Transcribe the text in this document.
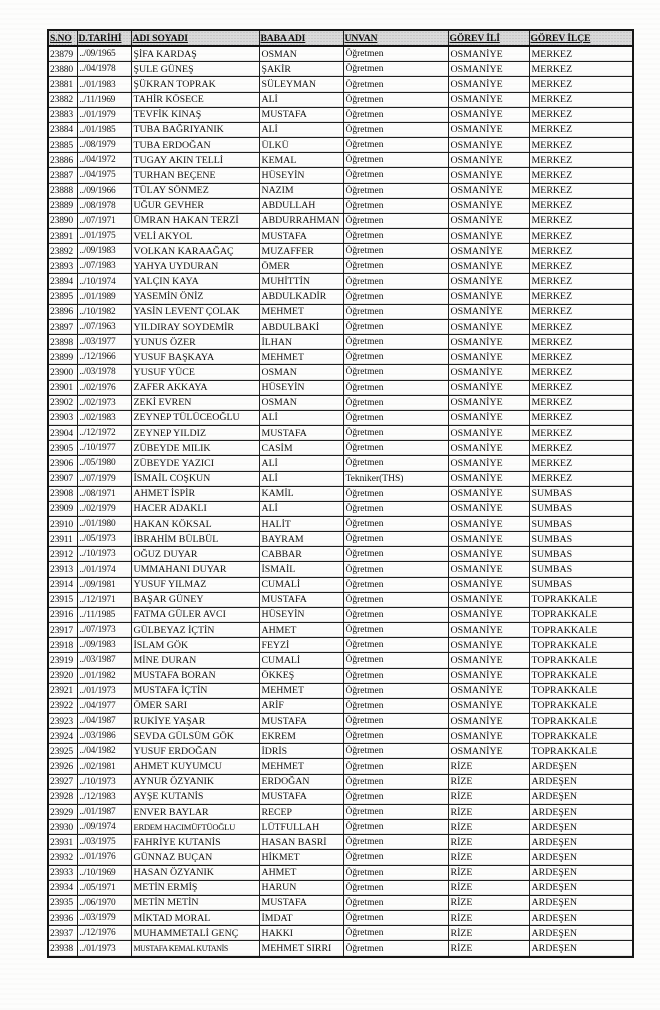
S.NO	D.TARİHİ	ADI SOYADI	BABA ADI	UNVAN	GÖREV İLİ	GÖREV İLÇE
23879	../09/1965	ŞİFA KARDAŞ	OSMAN	Öğretmen	OSMANİYE	MERKEZ
23880	../04/1978	ŞULE GÜNEŞ	ŞAKİR	Öğretmen	OSMANİYE	MERKEZ
23881	../01/1983	ŞÜKRAN TOPRAK	SÜLEYMAN	Öğretmen	OSMANİYE	MERKEZ
23882	../11/1969	TAHİR KÖSECE	ALİ	Öğretmen	OSMANİYE	MERKEZ
23883	../01/1979	TEVFİK KINAŞ	MUSTAFA	Öğretmen	OSMANİYE	MERKEZ
23884	../01/1985	TUBA BAĞRIYANIK	ALİ	Öğretmen	OSMANİYE	MERKEZ
23885	../08/1979	TUBA ERDOĞAN	ÜLKÜ	Öğretmen	OSMANİYE	MERKEZ
23886	../04/1972	TUGAY AKIN TELLİ	KEMAL	Öğretmen	OSMANİYE	MERKEZ
23887	../04/1975	TURHAN BEÇENE	HÜSEYİN	Öğretmen	OSMANİYE	MERKEZ
23888	../09/1966	TÜLAY SÖNMEZ	NAZIM	Öğretmen	OSMANİYE	MERKEZ
23889	../08/1978	UĞUR GEVHER	ABDULLAH	Öğretmen	OSMANİYE	MERKEZ
23890	../07/1971	ÜMRAN HAKAN TERZİ	ABDURRAHMAN	Öğretmen	OSMANİYE	MERKEZ
23891	../01/1975	VELİ AKYOL	MUSTAFA	Öğretmen	OSMANİYE	MERKEZ
23892	../09/1983	VOLKAN KARAAĞAÇ	MUZAFFER	Öğretmen	OSMANİYE	MERKEZ
23893	../07/1983	YAHYA UYDURAN	ÖMER	Öğretmen	OSMANİYE	MERKEZ
23894	../10/1974	YALÇIN KAYA	MUHİTTİN	Öğretmen	OSMANİYE	MERKEZ
23895	../01/1989	YASEMİN ÖNİZ	ABDULKADİR	Öğretmen	OSMANİYE	MERKEZ
23896	../10/1982	YASİN LEVENT ÇOLAK	MEHMET	Öğretmen	OSMANİYE	MERKEZ
23897	../07/1963	YILDIRAY SOYDEMİR	ABDULBAKİ	Öğretmen	OSMANİYE	MERKEZ
23898	../03/1977	YUNUS ÖZER	İLHAN	Öğretmen	OSMANİYE	MERKEZ
23899	../12/1966	YUSUF BAŞKAYA	MEHMET	Öğretmen	OSMANİYE	MERKEZ
23900	../03/1978	YUSUF YÜCE	OSMAN	Öğretmen	OSMANİYE	MERKEZ
23901	../02/1976	ZAFER AKKAYA	HÜSEYİN	Öğretmen	OSMANİYE	MERKEZ
23902	../02/1973	ZEKİ EVREN	OSMAN	Öğretmen	OSMANİYE	MERKEZ
23903	../02/1983	ZEYNEP TÜLÜCEOĞLU	ALİ	Öğretmen	OSMANİYE	MERKEZ
23904	../12/1972	ZEYNEP YILDIZ	MUSTAFA	Öğretmen	OSMANİYE	MERKEZ
23905	../10/1977	ZÜBEYDE MILIK	CASİM	Öğretmen	OSMANİYE	MERKEZ
23906	../05/1980	ZÜBEYDE YAZICI	ALİ	Öğretmen	OSMANİYE	MERKEZ
23907	../07/1979	İSMAİL COŞKUN	ALİ	Tekniker(THS)	OSMANİYE	MERKEZ
23908	../08/1971	AHMET İSPİR	KAMİL	Öğretmen	OSMANİYE	SUMBAS
23909	../02/1979	HACER ADAKLI	ALİ	Öğretmen	OSMANİYE	SUMBAS
23910	../01/1980	HAKAN KÖKSAL	HALİT	Öğretmen	OSMANİYE	SUMBAS
23911	../05/1973	İBRAHİM BÜLBÜL	BAYRAM	Öğretmen	OSMANİYE	SUMBAS
23912	../10/1973	OĞUZ DUYAR	CABBAR	Öğretmen	OSMANİYE	SUMBAS
23913	../01/1974	UMMAHANI DUYAR	İSMAİL	Öğretmen	OSMANİYE	SUMBAS
23914	../09/1981	YUSUF YILMAZ	CUMALİ	Öğretmen	OSMANİYE	SUMBAS
23915	../12/1971	BAŞAR GÜNEY	MUSTAFA	Öğretmen	OSMANİYE	TOPRAKKALE
23916	../11/1985	FATMA GÜLER AVCI	HÜSEYİN	Öğretmen	OSMANİYE	TOPRAKKALE
23917	../07/1973	GÜLBEYAZ İÇTİN	AHMET	Öğretmen	OSMANİYE	TOPRAKKALE
23918	../09/1983	İSLAM GÖK	FEYZİ	Öğretmen	OSMANİYE	TOPRAKKALE
23919	../03/1987	MİNE DURAN	CUMALİ	Öğretmen	OSMANİYE	TOPRAKKALE
23920	../01/1982	MUSTAFA BORAN	ÖKKEŞ	Öğretmen	OSMANİYE	TOPRAKKALE
23921	../01/1973	MUSTAFA İÇTİN	MEHMET	Öğretmen	OSMANİYE	TOPRAKKALE
23922	../04/1977	ÖMER SARI	ARİF	Öğretmen	OSMANİYE	TOPRAKKALE
23923	../04/1987	RUKİYE YAŞAR	MUSTAFA	Öğretmen	OSMANİYE	TOPRAKKALE
23924	../03/1986	SEVDA GÜLSÜM GÖK	EKREM	Öğretmen	OSMANİYE	TOPRAKKALE
23925	../04/1982	YUSUF ERDOĞAN	İDRİS	Öğretmen	OSMANİYE	TOPRAKKALE
23926	../02/1981	AHMET KUYUMCU	MEHMET	Öğretmen	RİZE	ARDEŞEN
23927	../10/1973	AYNUR ÖZYANIK	ERDOĞAN	Öğretmen	RİZE	ARDEŞEN
23928	../12/1983	AYŞE KUTANİS	MUSTAFA	Öğretmen	RİZE	ARDEŞEN
23929	../01/1987	ENVER BAYLAR	RECEP	Öğretmen	RİZE	ARDEŞEN
23930	../09/1974	ERDEM HACIMÜFTÜOĞLU	LÜTFULLAH	Öğretmen	RİZE	ARDEŞEN
23931	../03/1975	FAHRİYE KUTANİS	HASAN BASRİ	Öğretmen	RİZE	ARDEŞEN
23932	../01/1976	GÜNNAZ BUÇAN	HİKMET	Öğretmen	RİZE	ARDEŞEN
23933	../10/1969	HASAN ÖZYANIK	AHMET	Öğretmen	RİZE	ARDEŞEN
23934	../05/1971	METİN ERMİŞ	HARUN	Öğretmen	RİZE	ARDEŞEN
23935	../06/1970	METİN METİN	MUSTAFA	Öğretmen	RİZE	ARDEŞEN
23936	../03/1979	MİKTAD MORAL	İMDAT	Öğretmen	RİZE	ARDEŞEN
23937	../12/1976	MUHAMMETALİ GENÇ	HAKKI	Öğretmen	RİZE	ARDEŞEN
23938	../01/1973	MUSTAFA KEMAL KUTANİS	MEHMET SIRRI	Öğretmen	RİZE	ARDEŞEN
